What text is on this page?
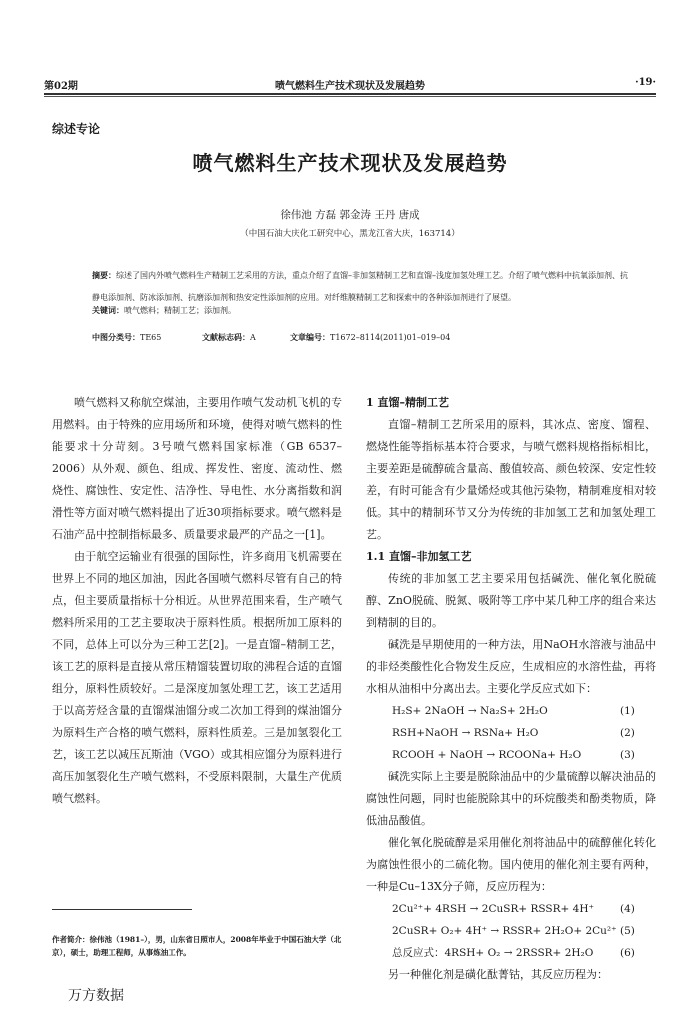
第02期	喷气燃料生产技术现状及发展趋势	·19·
综述专论
喷气燃料生产技术现状及发展趋势
徐伟池 方磊 郭金涛 王丹 唐成
（中国石油大庆化工研究中心，黑龙江省大庆，163714）
摘要：综述了国内外喷气燃料生产精制工艺采用的方法，重点介绍了直馏–非加氢精制工艺和直馏–浅度加氢处理工艺。介绍了喷气燃料中抗氧添加剂、抗静电添加剂、防冰添加剂、抗磨添加剂和热安定性添加剂的应用。对纤维膜精制工艺和探索中的各种添加剂进行了展望。
关键词：喷气燃料；精制工艺；添加剂。
中图分类号：TE65	文献标志码：A	文章编号：T1672–8114(2011)01–019–04

喷气燃料又称航空煤油，主要用作喷气发动机飞机的专用燃料。由于特殊的应用场所和环境，使得对喷气燃料的性能要求十分苛刻。3号喷气燃料国家标准（GB 6537–2006）从外观、颜色、组成、挥发性、密度、流动性、燃烧性、腐蚀性、安定性、洁净性、导电性、水分离指数和润滑性等方面对喷气燃料提出了近30项指标要求。喷气燃料是石油产品中控制指标最多、质量要求最严的产品之一[1]。

由于航空运输业有很强的国际性，许多商用飞机需要在世界上不同的地区加油，因此各国喷气燃料尽管有自己的特点，但主要质量指标十分相近。从世界范围来看，生产喷气燃料所采用的工艺主要取决于原料性质。根据所加工原料的不同，总体上可以分为三种工艺[2]。一是直馏–精制工艺，该工艺的原料是直接从常压精馏装置切取的沸程合适的直馏组分，原料性质较好。二是深度加氢处理工艺，该工艺适用于以高芳烃含量的直馏煤油馏分或二次加工得到的煤油馏分为原料生产合格的喷气燃料，原料性质差。三是加氢裂化工艺，该工艺以减压瓦斯油（VGO）或其相应馏分为原料进行高压加氢裂化生产喷气燃料，不受原料限制，大量生产优质喷气燃料。

1 直馏–精制工艺

直馏–精制工艺所采用的原料，其冰点、密度、馏程、燃烧性能等指标基本符合要求，与喷气燃料规格指标相比，主要差距是硫醇硫含量高、酸值较高、颜色较深、安定性较差，有时可能含有少量烯烃或其他污染物，精制难度相对较低。其中的精制环节又分为传统的非加氢工艺和加氢处理工艺。

1.1 直馏–非加氢工艺

传统的非加氢工艺主要采用包括碱洗、催化氧化脱硫醇、ZnO脱硫、脱氮、吸附等工序中某几种工序的组合来达到精制的目的。

碱洗是早期使用的一种方法，用NaOH水溶液与油品中的非烃类酸性化合物发生反应，生成相应的水溶性盐，再将水相从油相中分离出去。主要化学反应式如下：

H₂S+ 2NaOH → Na₂S+ 2H₂O	(1)
RSH+NaOH → RSNa+ H₂O	(2)
RCOOH + NaOH → RCOONa+ H₂O	(3)

碱洗实际上主要是脱除油品中的少量硫醇以解决油品的腐蚀性问题，同时也能脱除其中的环烷酸类和酚类物质，降低油品酸值。

催化氧化脱硫醇是采用催化剂将油品中的硫醇催化转化为腐蚀性很小的二硫化物。国内使用的催化剂主要有两种，一种是Cu–13X分子筛，反应历程为：

2Cu²⁺+ 4RSH → 2CuSR+ RSSR+ 4H⁺	(4)
2CuSR+ O₂+ 4H⁺ → RSSR+ 2H₂O+ 2Cu²⁺ (5)
总反应式：4RSH+ O₂ → 2RSSR+ 2H₂O	(6)

另一种催化剂是磺化酞菁钴，其反应历程为：

作者简介：徐伟池（1981–），男，山东省日照市人，2008年毕业于中国石油大学（北京），硕士，助理工程师，从事炼油工作。
万方数据
